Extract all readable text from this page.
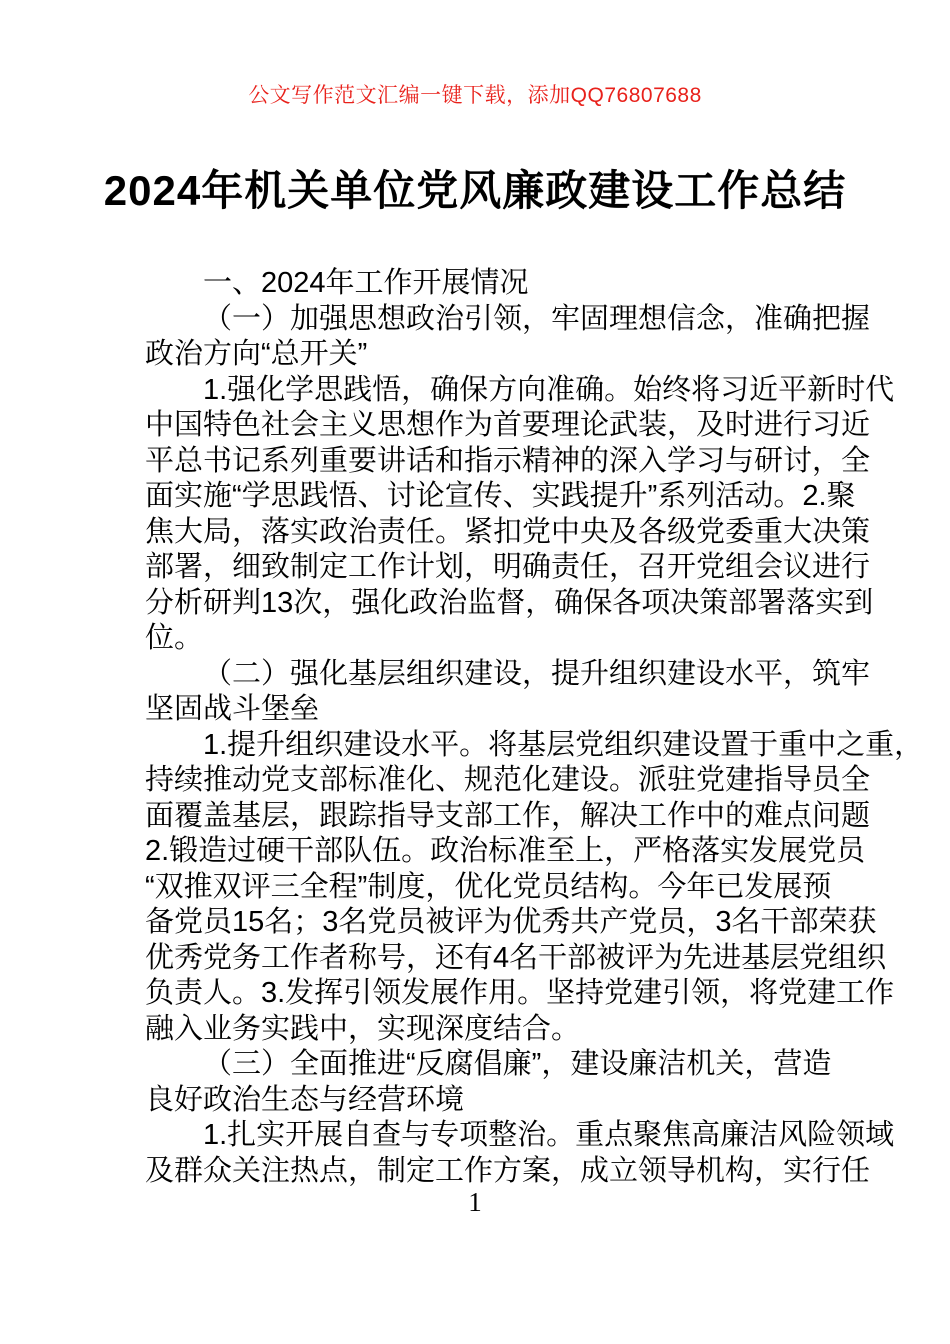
公文写作范文汇编一键下载，添加QQ76807688
2024年机关单位党风廉政建设工作总结
一、2024年工作开展情况
（一）加强思想政治引领，牢固理想信念，准确把握
政治方向“总开关”
1.强化学思践悟，确保方向准确。始终将习近平新时代
中国特色社会主义思想作为首要理论武装，及时进行习近
平总书记系列重要讲话和指示精神的深入学习与研讨，全
面实施“学思践悟、讨论宣传、实践提升”系列活动。2.聚
焦大局，落实政治责任。紧扣党中央及各级党委重大决策
部署，细致制定工作计划，明确责任，召开党组会议进行
分析研判13次，强化政治监督，确保各项决策部署落实到
位。
（二）强化基层组织建设，提升组织建设水平，筑牢
坚固战斗堡垒
1.提升组织建设水平。将基层党组织建设置于重中之重，
持续推动党支部标准化、规范化建设。派驻党建指导员全
面覆盖基层，跟踪指导支部工作，解决工作中的难点问题
2.锻造过硬干部队伍。政治标准至上，严格落实发展党员
“双推双评三全程”制度，优化党员结构。今年已发展预
备党员15名；3名党员被评为优秀共产党员，3名干部荣获
优秀党务工作者称号，还有4名干部被评为先进基层党组织
负责人。3.发挥引领发展作用。坚持党建引领，将党建工作
融入业务实践中，实现深度结合。
（三）全面推进“反腐倡廉”，建设廉洁机关，营造
良好政治生态与经营环境
1.扎实开展自查与专项整治。重点聚焦高廉洁风险领域
及群众关注热点，制定工作方案，成立领导机构，实行任
1
